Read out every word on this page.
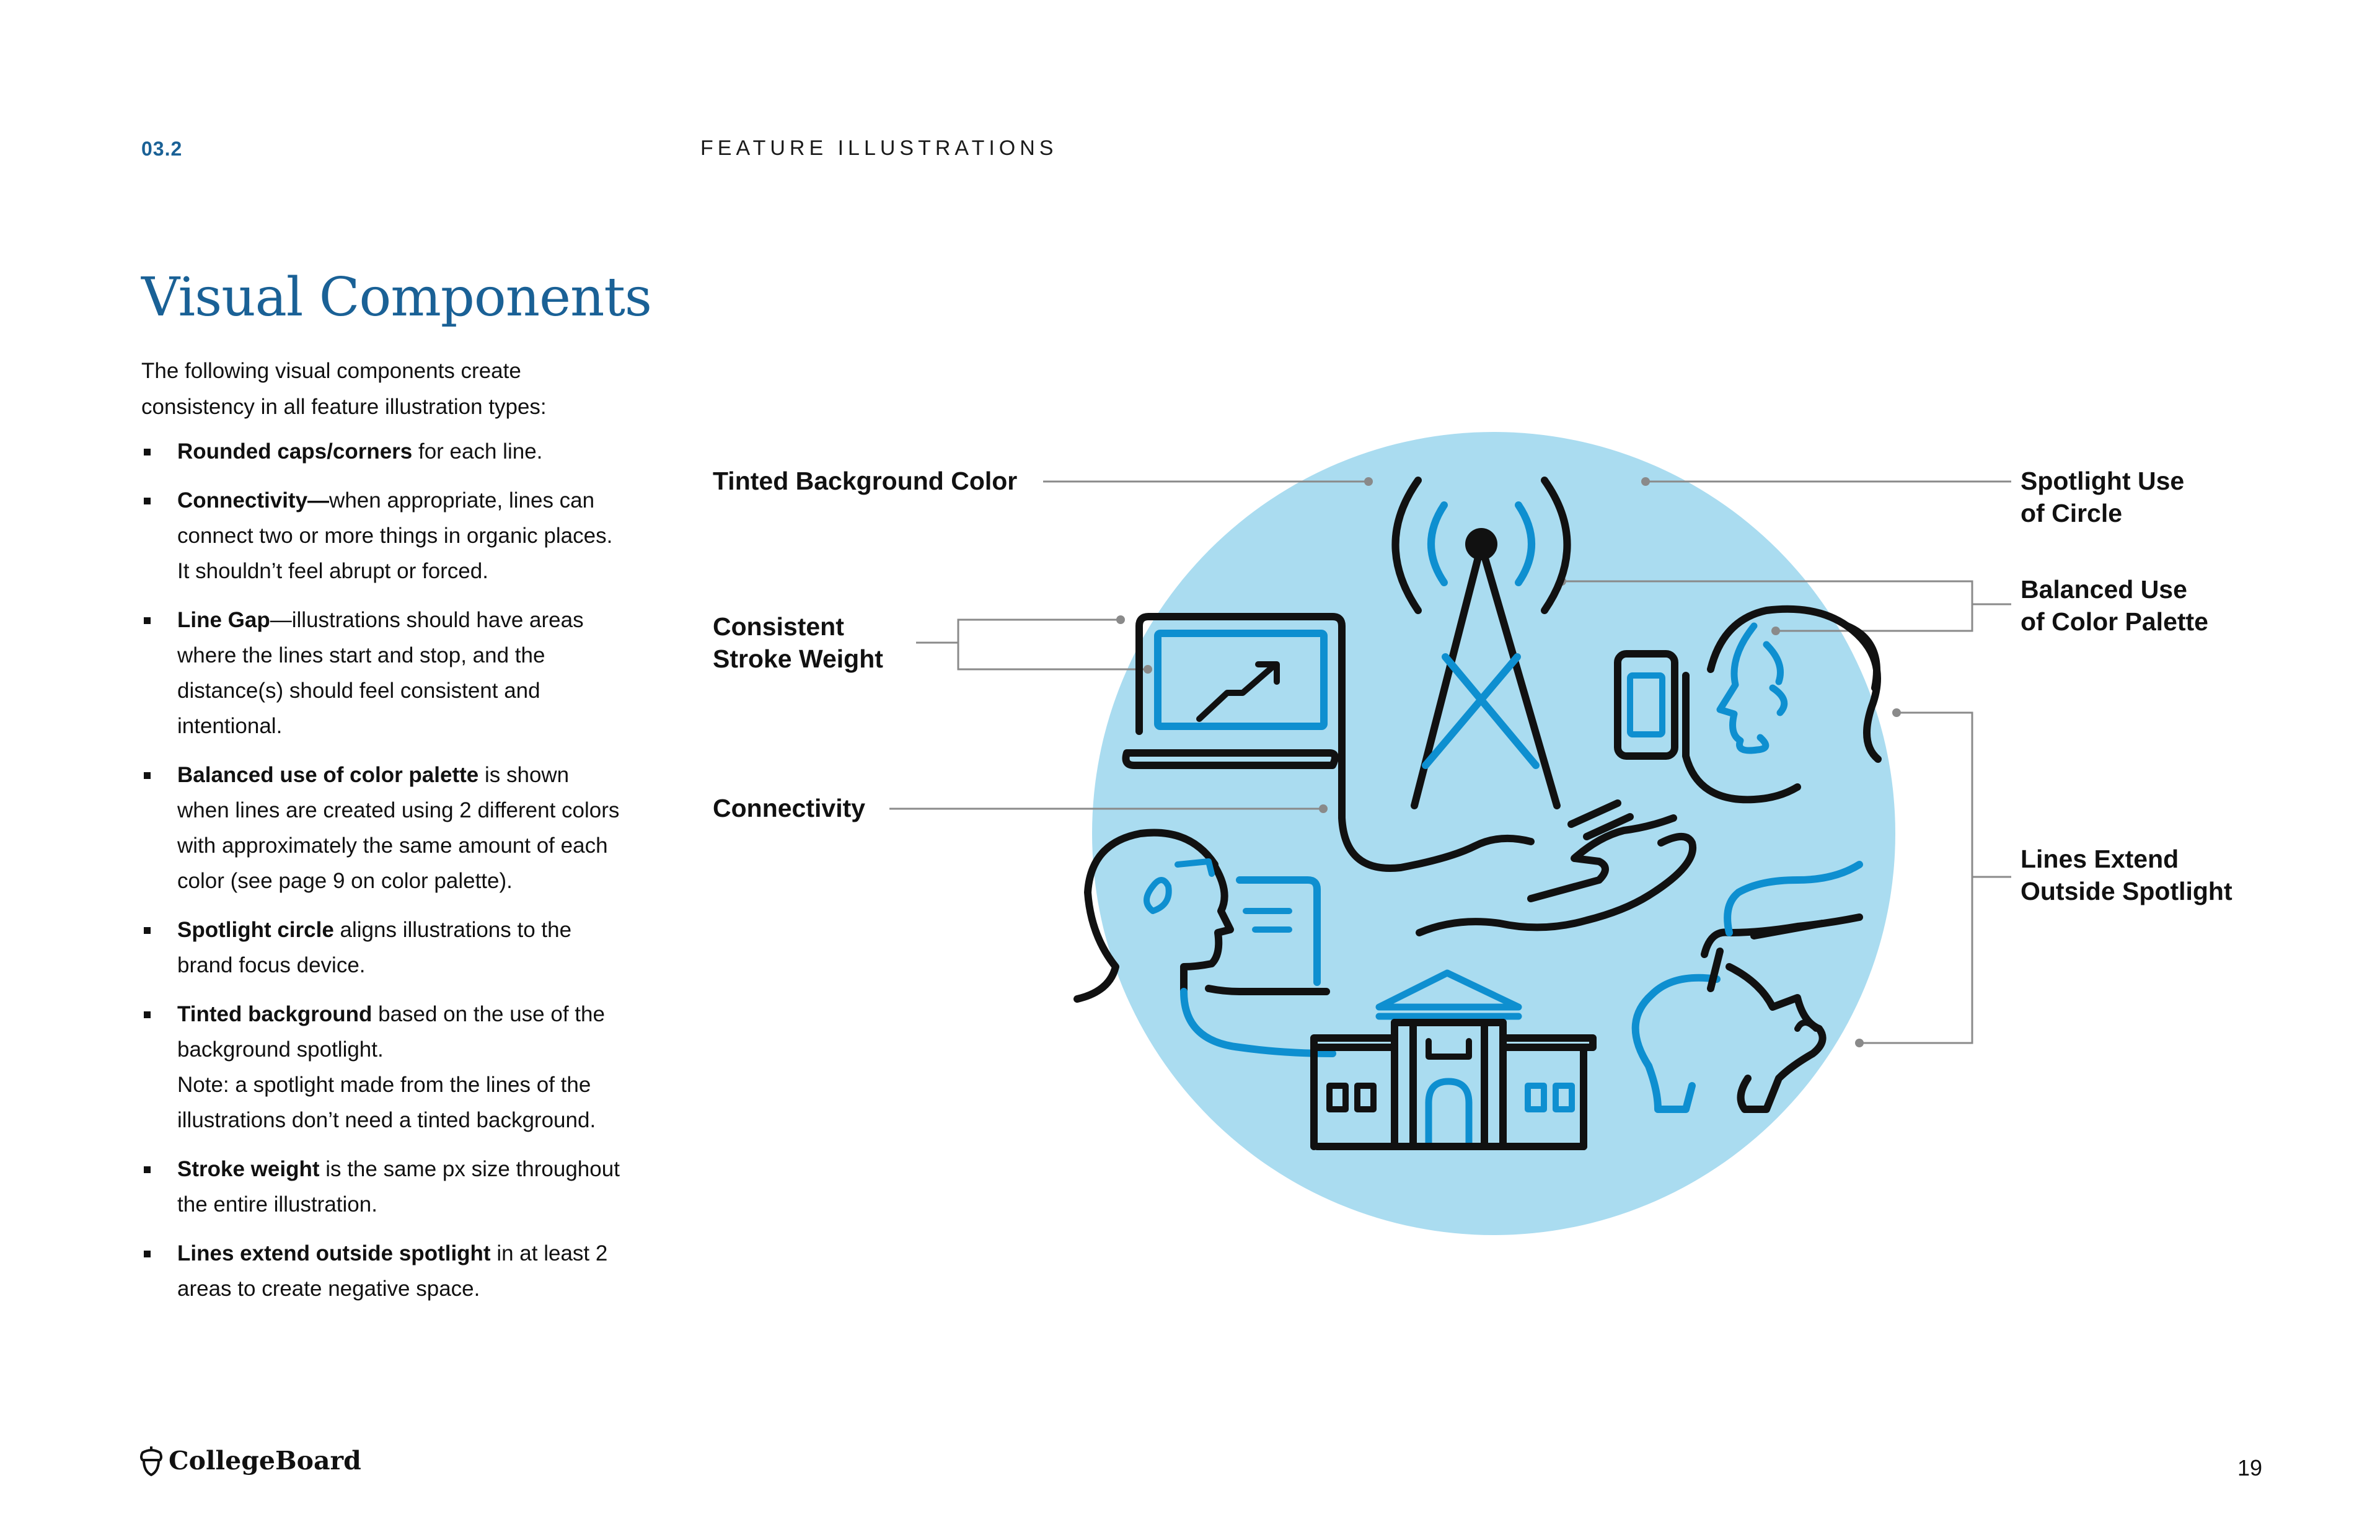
03.2	FEATURE ILLUSTRATIONS
Visual Components
The following visual components create consistency in all feature illustration types:
Rounded caps/corners for each line.
Connectivity—when appropriate, lines can connect two or more things in organic places. It shouldn’t feel abrupt or forced.
Line Gap—illustrations should have areas where the lines start and stop, and the distance(s) should feel consistent and intentional.
Balanced use of color palette is shown when lines are created using 2 different colors with approximately the same amount of each color (see page 9 on color palette).
Spotlight circle aligns illustrations to the brand focus device.
Tinted background based on the use of the background spotlight.
Note: a spotlight made from the lines of the illustrations don’t need a tinted background.
Stroke weight is the same px size throughout the entire illustration.
Lines extend outside spotlight in at least 2 areas to create negative space.
Tinted Background Color
Consistent
Stroke Weight
Connectivity
Spotlight Use
of Circle
Balanced Use
of Color Palette
Lines Extend
Outside Spotlight
CollegeBoard	19
